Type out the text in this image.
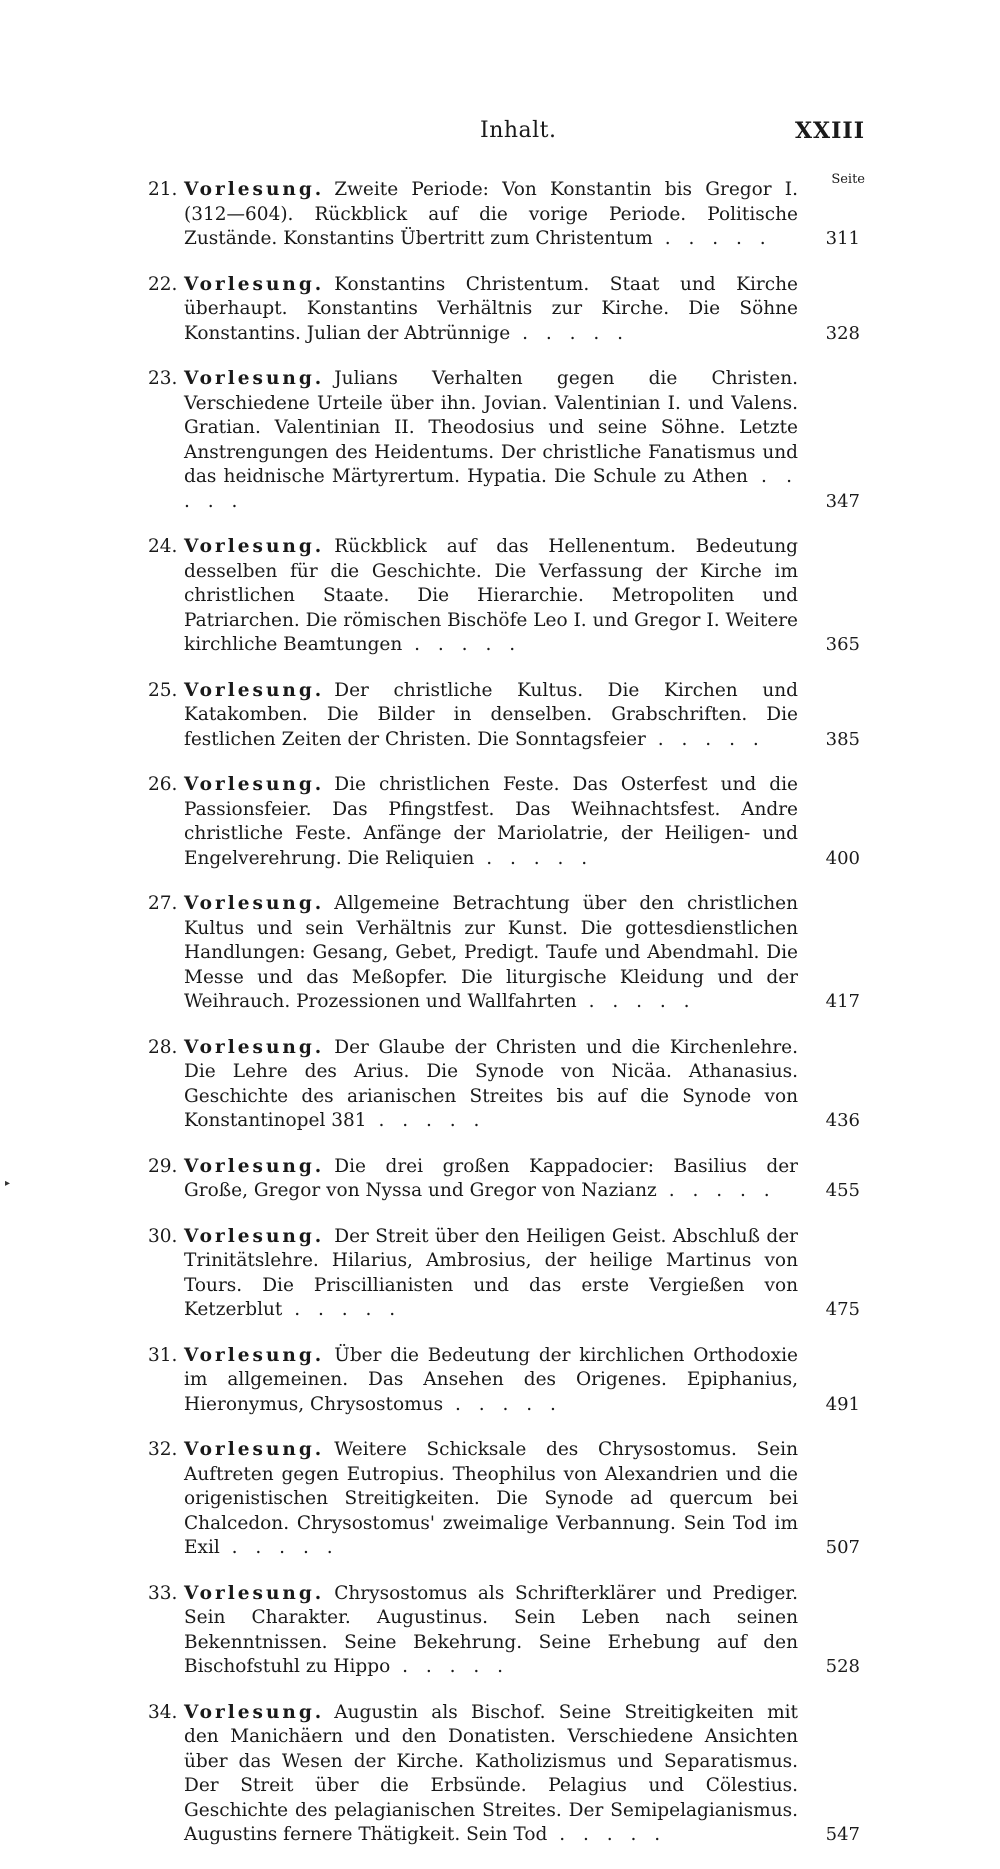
Inhalt.	XXIII
Seite
▸
21. Vorlesung. Zweite Periode: Von Konstantin bis Gregor I. (312—604). Rückblick auf die vorige Periode. Politische Zustände. Konstantins Übertritt zum Christentum . . . . .	311
22. Vorlesung. Konstantins Christentum. Staat und Kirche überhaupt. Konstantins Verhältnis zur Kirche. Die Söhne Konstantins. Julian der Abtrünnige . . . . .	328
23. Vorlesung. Julians Verhalten gegen die Christen. Verschiedene Urteile über ihn. Jovian. Valentinian I. und Valens. Gratian. Valentinian II. Theodosius und seine Söhne. Letzte Anstrengungen des Heidentums. Der christliche Fanatismus und das heidnische Märtyrertum. Hypatia. Die Schule zu Athen . . . . .	347
24. Vorlesung. Rückblick auf das Hellenentum. Bedeutung desselben für die Geschichte. Die Verfassung der Kirche im christlichen Staate. Die Hierarchie. Metropoliten und Patriarchen. Die römischen Bischöfe Leo I. und Gregor I. Weitere kirchliche Beamtungen . . . . .	365
25. Vorlesung. Der christliche Kultus. Die Kirchen und Katakomben. Die Bilder in denselben. Grabschriften. Die festlichen Zeiten der Christen. Die Sonntagsfeier . . . . .	385
26. Vorlesung. Die christlichen Feste. Das Osterfest und die Passionsfeier. Das Pfingstfest. Das Weihnachtsfest. Andre christliche Feste. Anfänge der Mariolatrie, der Heiligen- und Engelverehrung. Die Reliquien . . . . .	400
27. Vorlesung. Allgemeine Betrachtung über den christlichen Kultus und sein Verhältnis zur Kunst. Die gottesdienstlichen Handlungen: Gesang, Gebet, Predigt. Taufe und Abendmahl. Die Messe und das Meßopfer. Die liturgische Kleidung und der Weihrauch. Prozessionen und Wallfahrten . . . . .	417
28. Vorlesung. Der Glaube der Christen und die Kirchenlehre. Die Lehre des Arius. Die Synode von Nicäa. Athanasius. Geschichte des arianischen Streites bis auf die Synode von Konstantinopel 381 . . . . .	436
29. Vorlesung. Die drei großen Kappadocier: Basilius der Große, Gregor von Nyssa und Gregor von Nazianz . . . . .	455
30. Vorlesung. Der Streit über den Heiligen Geist. Abschluß der Trinitätslehre. Hilarius, Ambrosius, der heilige Martinus von Tours. Die Priscillianisten und das erste Vergießen von Ketzerblut . . . . .	475
31. Vorlesung. Über die Bedeutung der kirchlichen Orthodoxie im allgemeinen. Das Ansehen des Origenes. Epiphanius, Hieronymus, Chrysostomus . . . . .	491
32. Vorlesung. Weitere Schicksale des Chrysostomus. Sein Auftreten gegen Eutropius. Theophilus von Alexandrien und die origenistischen Streitigkeiten. Die Synode ad quercum bei Chalcedon. Chrysostomus' zweimalige Verbannung. Sein Tod im Exil . . . . .	507
33. Vorlesung. Chrysostomus als Schrifterklärer und Prediger. Sein Charakter. Augustinus. Sein Leben nach seinen Bekenntnissen. Seine Bekehrung. Seine Erhebung auf den Bischofstuhl zu Hippo . . . . .	528
34. Vorlesung. Augustin als Bischof. Seine Streitigkeiten mit den Manichäern und den Donatisten. Verschiedene Ansichten über das Wesen der Kirche. Katholizismus und Separatismus. Der Streit über die Erbsünde. Pelagius und Cölestius. Geschichte des pelagianischen Streites. Der Semipelagianismus. Augustins fernere Thätigkeit. Sein Tod . . . . .	547
